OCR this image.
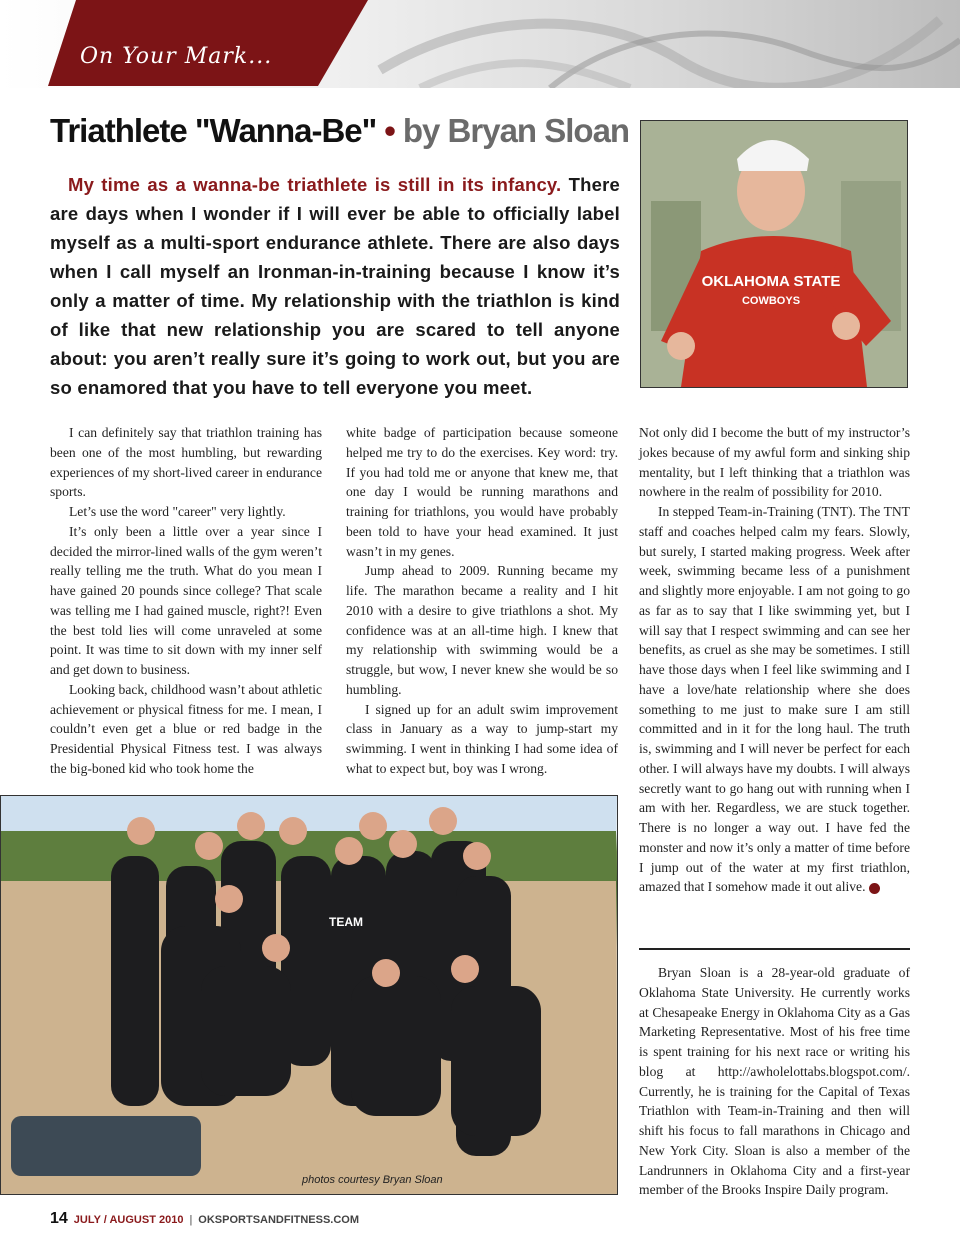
On Your Mark...
Triathlete "Wanna-Be" • by Bryan Sloan
My time as a wanna-be triathlete is still in its infancy. There are days when I wonder if I will ever be able to officially label myself as a multi-sport endurance athlete. There are also days when I call myself an Ironman-in-training because I know it’s only a matter of time. My relationship with the triathlon is kind of like that new relationship you are scared to tell anyone about: you aren’t really sure it’s going to work out, but you are so enamored that you have to tell everyone you meet.
OKLAHOMA STATE
COWBOYS

I can definitely say that triathlon training has been one of the most humbling, but rewarding experiences of my short-lived career in endurance sports.

Let’s use the word "career" very lightly.

It’s only been a little over a year since I decided the mirror-lined walls of the gym weren’t really telling me the truth. What do you mean I have gained 20 pounds since college? That scale was telling me I had gained muscle, right?! Even the best told lies will come unraveled at some point. It was time to sit down with my inner self and get down to business.

Looking back, childhood wasn’t about athletic achievement or physical fitness for me. I mean, I couldn’t even get a blue or red badge in the Presidential Physical Fitness test. I was always the big-boned kid who took home the

white badge of participation because someone helped me try to do the exercises. Key word: try. If you had told me or anyone that knew me, that one day I would be running marathons and training for triathlons, you would have probably been told to have your head examined. It just wasn’t in my genes.

Jump ahead to 2009. Running became my life. The marathon became a reality and I hit 2010 with a desire to give triathlons a shot. My confidence was at an all-time high. I knew that my relationship with swimming would be a struggle, but wow, I never knew she would be so humbling.

I signed up for an adult swim improvement class in January as a way to jump-start my swimming. I went in thinking I had some idea of what to expect but, boy was I wrong.

Not only did I become the butt of my instructor’s jokes because of my awful form and sinking ship mentality, but I left thinking that a triathlon was nowhere in the realm of possibility for 2010.

In stepped Team-in-Training (TNT). The TNT staff and coaches helped calm my fears. Slowly, but surely, I started making progress. Week after week, swimming became less of a punishment and slightly more enjoyable. I am not going to go as far as to say that I like swimming yet, but I will say that I respect swimming and can see her benefits, as cruel as she may be sometimes. I still have those days when I feel like swimming and I have a love/hate relationship where she does something to me just to make sure I am still committed and in it for the long haul. The truth is, swimming and I will never be perfect for each other. I will always have my doubts. I will always secretly want to go hang out with running when I am with her. Regardless, we are stuck together. There is no longer a way out. I have fed the monster and now it’s only a matter of time before I jump out of the water at my first triathlon, amazed that I somehow made it out alive.

Bryan Sloan is a 28-year-old graduate of Oklahoma State University. He currently works at Chesapeake Energy in Oklahoma City as a Gas Marketing Representative. Most of his free time is spent training for his next race or writing his blog at http://awholelottabs.blogspot.com/. Currently, he is training for the Capital of Texas Triathlon with Team-in-Training and then will shift his focus to fall marathons in Chicago and New York City. Sloan is also a member of the Landrunners in Oklahoma City and a first-year member of the Brooks Inspire Daily program.

TEAM
photos courtesy Bryan Sloan
14 JULY / AUGUST 2010 | OKSPORTSANDFITNESS.COM
